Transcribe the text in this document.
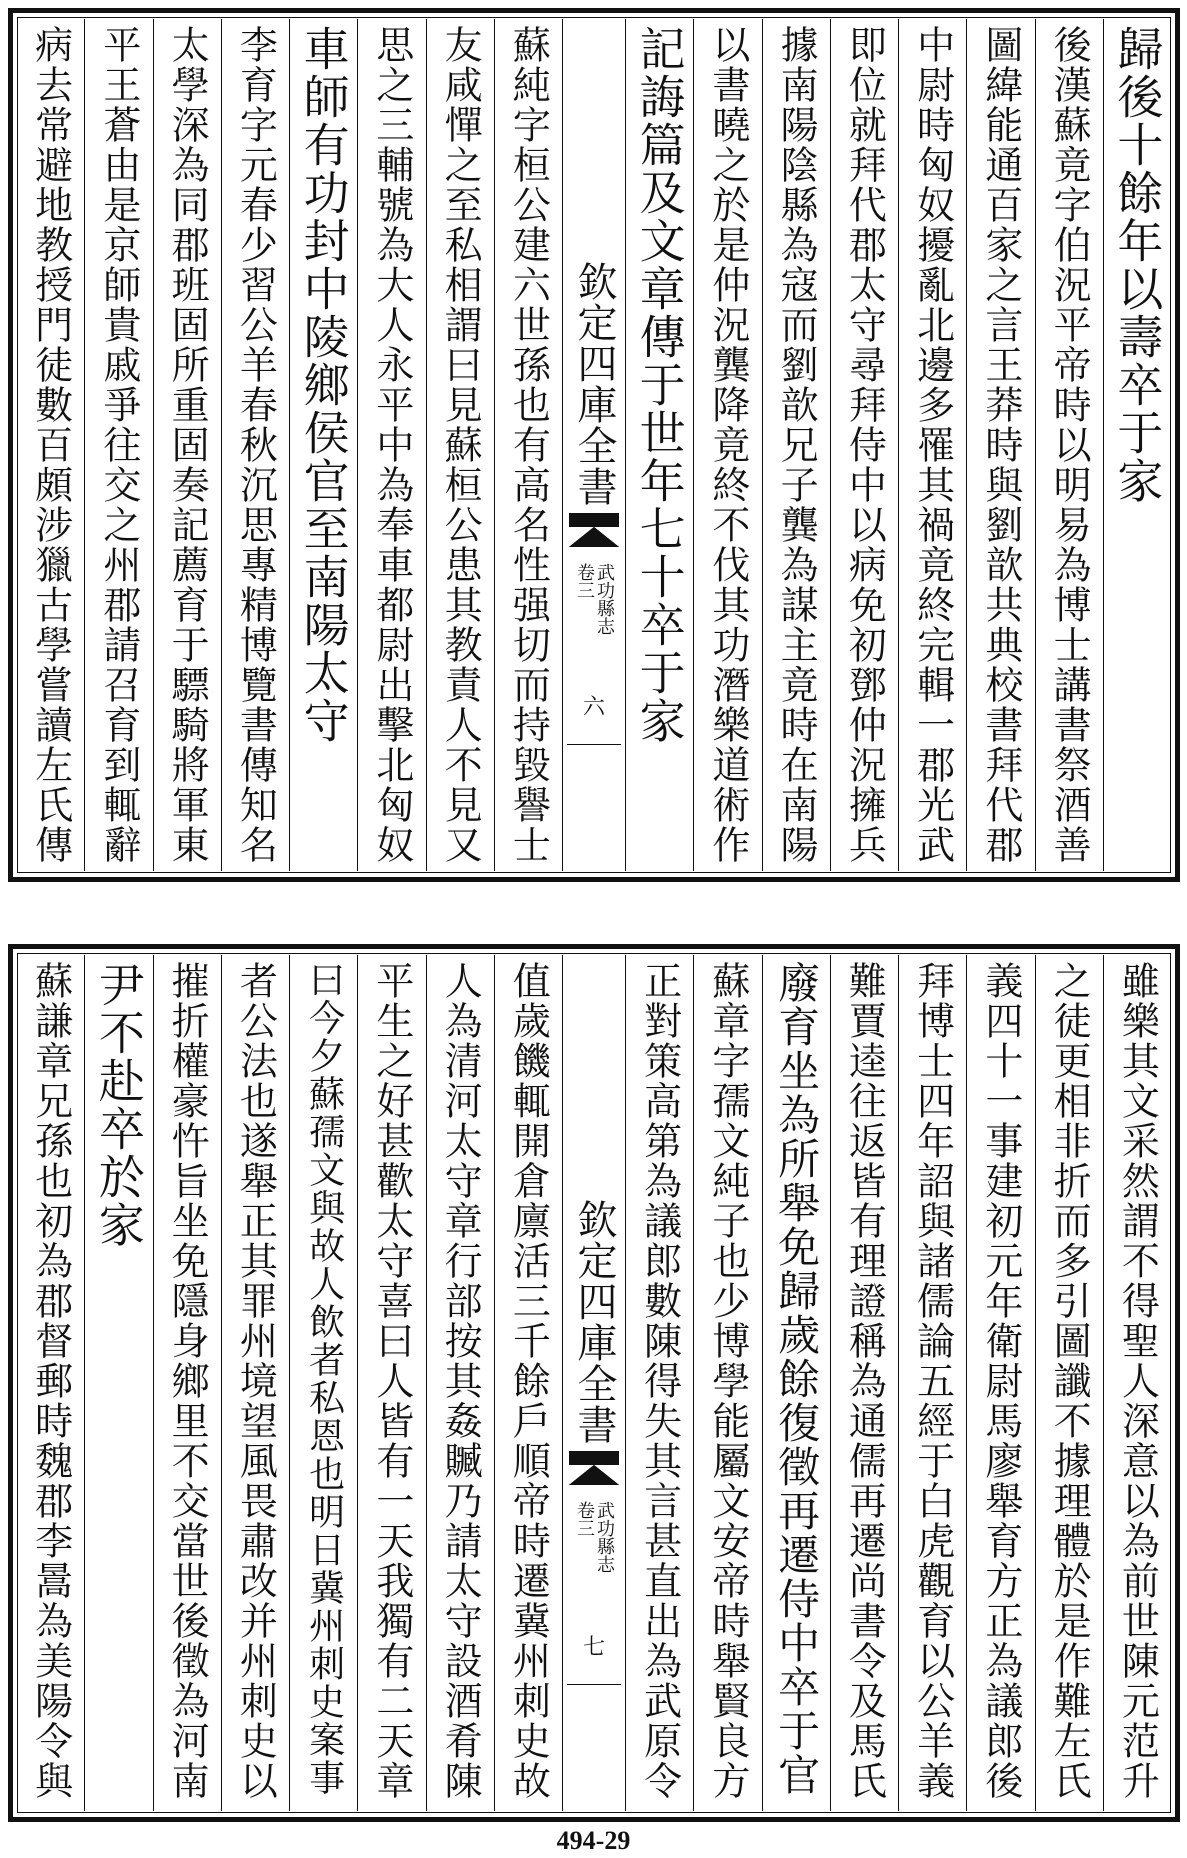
歸後十餘年以壽卒于家
後漢蘇竟字伯況平帝時以明易為博士講書祭酒善
圖緯能通百家之言王莽時與劉歆共典校書拜代郡
中尉時匈奴擾亂北邊多罹其禍竟終完輯一郡光武
即位就拜代郡太守尋拜侍中以病免初鄧仲況擁兵
據南陽陰縣為寇而劉歆兄子龔為謀主竟時在南陽
以書曉之於是仲況龔降竟終不伐其功潛樂道術作
記誨篇及文章傳于世年七十卒于家
欽定四庫全書
武功縣志
卷三
六
蘇純字桓公建六世孫也有高名性强切而持毀譽士
友咸憚之至私相謂曰見蘇桓公患其教責人不見又
思之三輔號為大人永平中為奉車都尉出擊北匈奴
車師有功封中陵鄉侯官至南陽太守
李育字元春少習公羊春秋沉思專精博覽書傳知名
太學深為同郡班固所重固奏記薦育于驃騎將軍東
平王蒼由是京師貴戚爭往交之州郡請召育到輒辭
病去常避地教授門徒數百頗涉獵古學嘗讀左氏傳
雖樂其文采然謂不得聖人深意以為前世陳元范升
之徒更相非折而多引圖讖不據理體於是作難左氏
義四十一事建初元年衛尉馬廖舉育方正為議郎後
拜博士四年詔與諸儒論五經于白虎觀育以公羊義
難賈逵往返皆有理證稱為通儒再遷尚書令及馬氏
廢育坐為所舉免歸歲餘復徵再遷侍中卒于官
蘇章字孺文純子也少博學能屬文安帝時舉賢良方
正對策高第為議郎數陳得失其言甚直出為武原令
欽定四庫全書
武功縣志
卷三
七
值歲饑輒開倉廪活三千餘戶順帝時遷冀州刺史故
人為清河太守章行部按其姦贓乃請太守設酒肴陳
平生之好甚歡太守喜曰人皆有一天我獨有二天章
曰今夕蘇孺文與故人飲者私恩也明日冀州刺史案事
者公法也遂舉正其罪州境望風畏肅改并州刺史以
摧折權豪忤旨坐免隱身鄉里不交當世後徵為河南
尹不赴卒於家
蘇謙章兄孫也初為郡督郵時魏郡李暠為美陽令與
494-29
